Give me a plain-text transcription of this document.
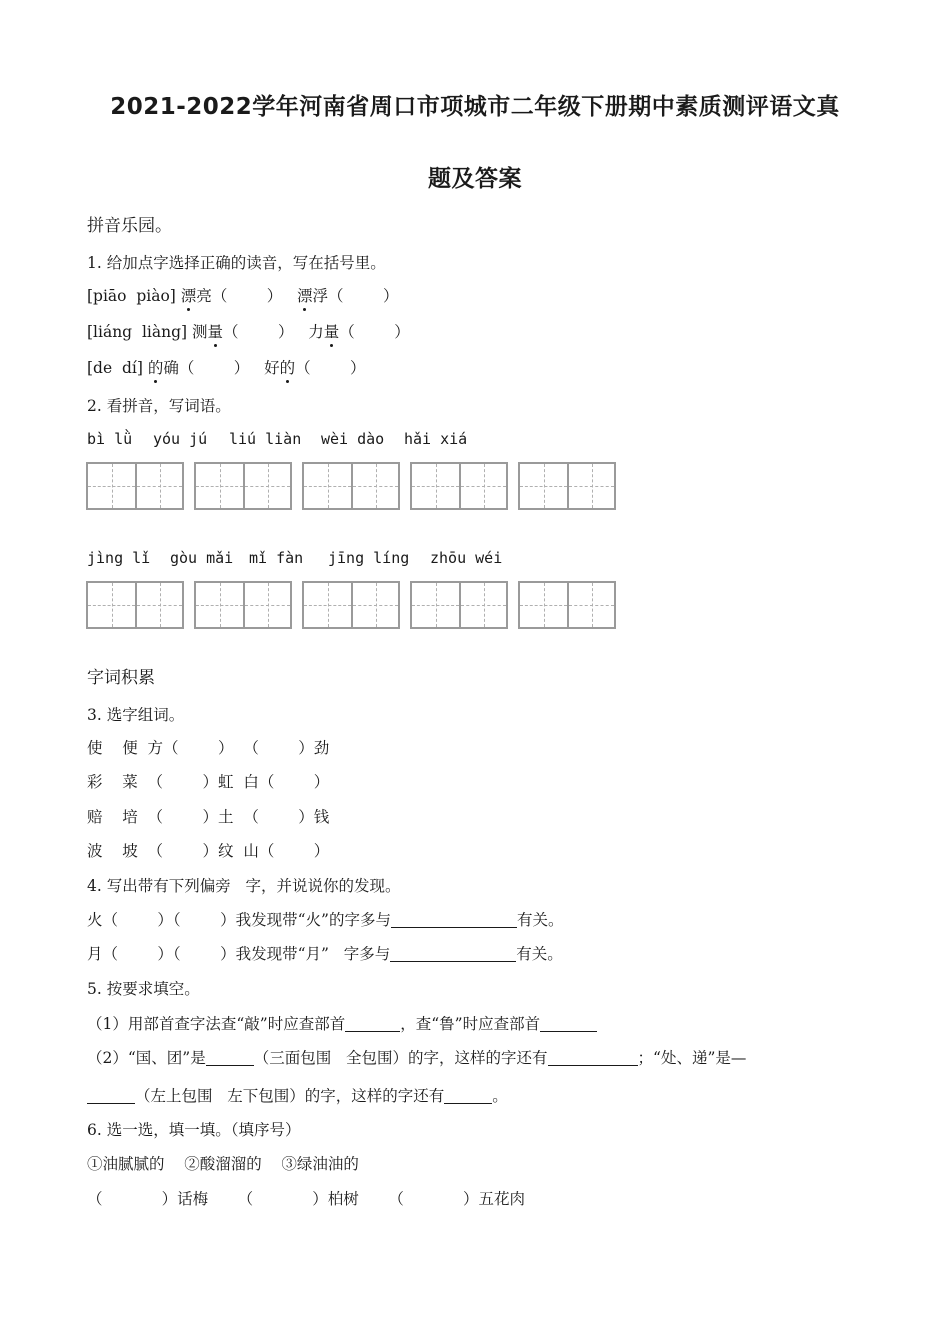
2021-2022学年河南省周口市项城市二年级下册期中素质测评语文真
题及答案
拼音乐园。
1. 给加点字选择正确的读音，写在括号里。
[piāo  piào] 漂亮（        ） 漂浮（        ）
[liáng  liàng] 测量（        ） 力量（        ）
[de  dí] 的确（        ） 好的（        ）
2. 看拼音，写词语。
bì lǜ yóu jú liú liàn wèi dào hǎi xiá
jìng lǐ gòu mǎi mǐ fàn jīng líng zhōu wéi
字词积累
3. 选字组词。
使    便  方（        ）  （        ）劲
彩    菜  （        ）虹  白（        ）
赔    培  （        ）土  （        ）钱
波    坡  （        ）纹  山（        ）
4. 写出带有下列偏旁   字，并说说你的发现。
火（        ）（        ）我发现带“火”的字多与	有关。
月（        ）（        ）我发现带“月”   字多与	有关。
5. 按要求填空。
（1）用部首查字法查“敲”时应查部首	，查“鲁”时应查部首
（2）“国、团”是	（三面包围   全包围）的字，这样的字还有	；“处、递”是—
（左上包围   左下包围）的字，这样的字还有	。
6. 选一选，填一填。（填序号）
①油腻腻的    ②酸溜溜的    ③绿油油的
（            ）话梅      （            ）柏树      （            ）五花肉
